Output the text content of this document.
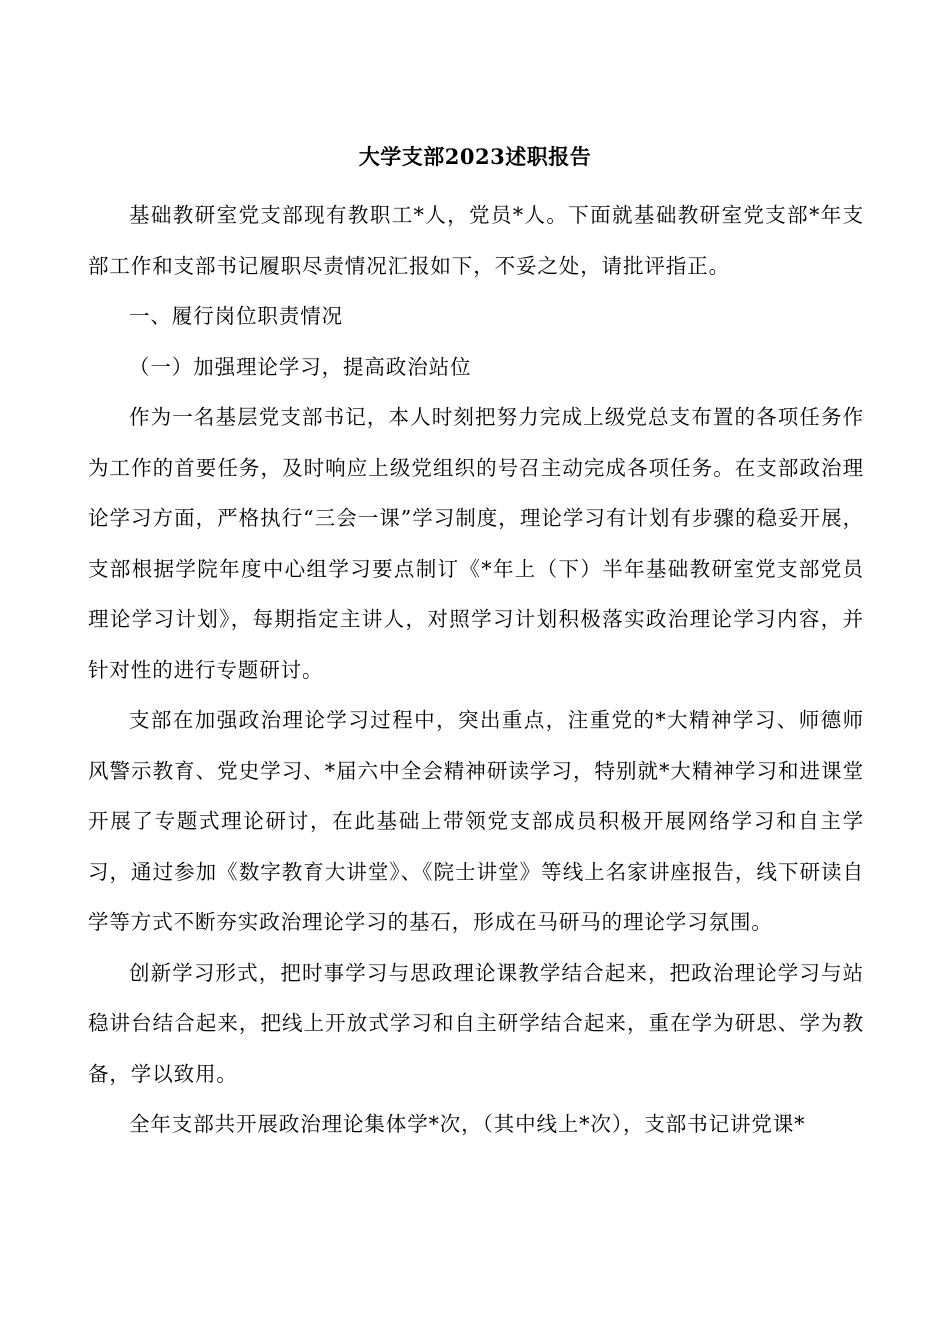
大学支部2023述职报告

基础教研室党支部现有教职工*人，党员*人。下面就基础教研室党支部*年支部工作和支部书记履职尽责情况汇报如下，不妥之处，请批评指正。

一、履行岗位职责情况

（一）加强理论学习，提高政治站位

作为一名基层党支部书记，本人时刻把努力完成上级党总支布置的各项任务作为工作的首要任务，及时响应上级党组织的号召主动完成各项任务。在支部政治理论学习方面，严格执行“三会一课”学习制度，理论学习有计划有步骤的稳妥开展，支部根据学院年度中心组学习要点制订《*年上（下）半年基础教研室党支部党员理论学习计划》，每期指定主讲人，对照学习计划积极落实政治理论学习内容，并针对性的进行专题研讨。

支部在加强政治理论学习过程中，突出重点，注重党的*大精神学习、师德师风警示教育、党史学习、*届六中全会精神研读学习，特别就*大精神学习和进课堂开展了专题式理论研讨，在此基础上带领党支部成员积极开展网络学习和自主学习，通过参加《数字教育大讲堂》、《院士讲堂》等线上名家讲座报告，线下研读自学等方式不断夯实政治理论学习的基石，形成在马研马的理论学习氛围。

创新学习形式，把时事学习与思政理论课教学结合起来，把政治理论学习与站稳讲台结合起来，把线上开放式学习和自主研学结合起来，重在学为研思、学为教备，学以致用。

全年支部共开展政治理论集体学*次，（其中线上*次），支部书记讲党课*
